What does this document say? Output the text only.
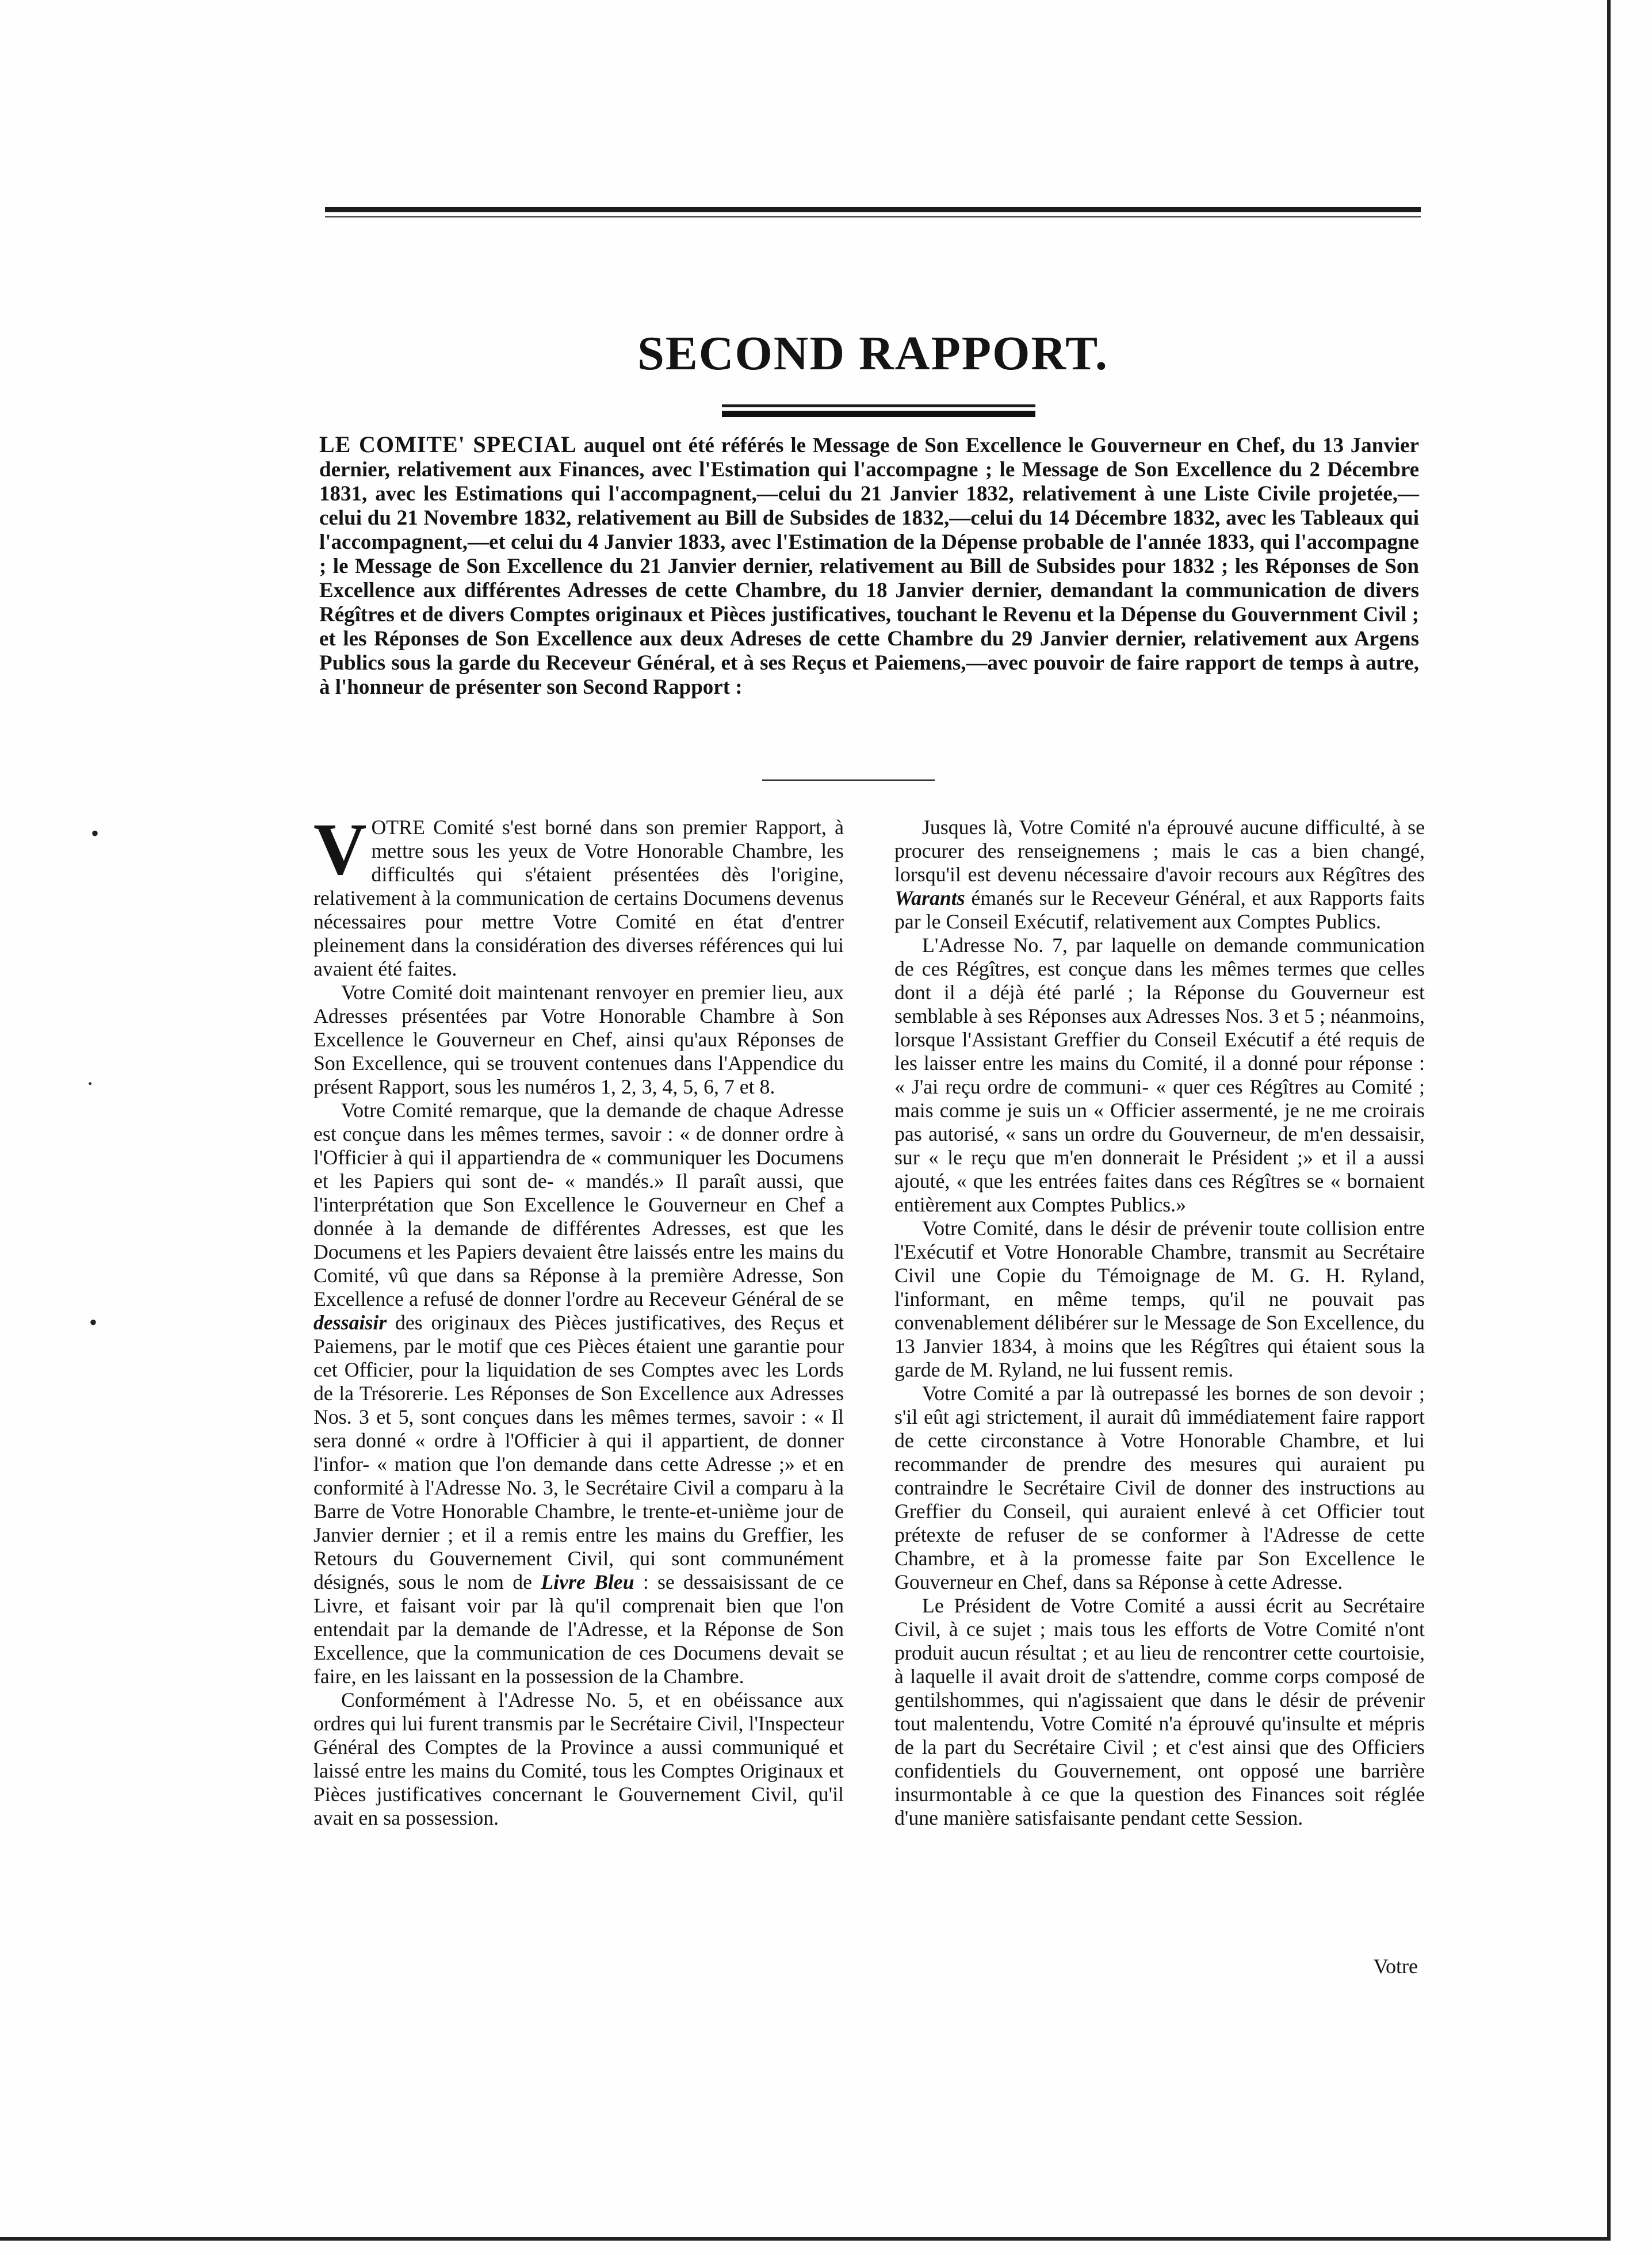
SECOND RAPPORT.

LE COMITE' SPECIAL auquel ont été référés le Message de Son Excellence le Gouverneur en Chef, du 13 Janvier dernier, relativement aux Finances, avec l'Estimation qui l'accompagne ; le Message de Son Excellence du 2 Décembre 1831, avec les Estimations qui l'accompagnent,—celui du 21 Janvier 1832, relativement à une Liste Civile projetée,—celui du 21 Novembre 1832, relativement au Bill de Subsides de 1832,—celui du 14 Décembre 1832, avec les Tableaux qui l'accompagnent,—et celui du 4 Janvier 1833, avec l'Estimation de la Dépense probable de l'année 1833, qui l'accompagne ; le Message de Son Excellence du 21 Janvier dernier, relativement au Bill de Subsides pour 1832 ; les Réponses de Son Excellence aux différentes Adresses de cette Chambre, du 18 Janvier dernier, demandant la communication de divers Régîtres et de divers Comptes originaux et Pièces justificatives, touchant le Revenu et la Dépense du Gouvernment Civil ; et les Réponses de Son Excellence aux deux Adreses de cette Chambre du 29 Janvier dernier, relativement aux Argens Publics sous la garde du Receveur Général, et à ses Reçus et Paiemens,—avec pouvoir de faire rapport de temps à autre, à l'honneur de présenter son Second Rapport :

VOTRE Comité s'est borné dans son premier Rapport, à mettre sous les yeux de Votre Honorable Chambre, les difficultés qui s'étaient présentées dès l'origine, relativement à la communication de certains Documens devenus nécessaires pour mettre Votre Comité en état d'entrer pleinement dans la considération des diverses références qui lui avaient été faites.

Votre Comité doit maintenant renvoyer en premier lieu, aux Adresses présentées par Votre Honorable Chambre à Son Excellence le Gouverneur en Chef, ainsi qu'aux Réponses de Son Excellence, qui se trouvent contenues dans l'Appendice du présent Rapport, sous les numéros 1, 2, 3, 4, 5, 6, 7 et 8.

Votre Comité remarque, que la demande de chaque Adresse est conçue dans les mêmes termes, savoir : « de donner ordre à l'Officier à qui il appartiendra de « communiquer les Documens et les Papiers qui sont de- « mandés.» Il paraît aussi, que l'interprétation que Son Excellence le Gouverneur en Chef a donnée à la demande de différentes Adresses, est que les Documens et les Papiers devaient être laissés entre les mains du Comité, vû que dans sa Réponse à la première Adresse, Son Excellence a refusé de donner l'ordre au Receveur Général de se dessaisir des originaux des Pièces justificatives, des Reçus et Paiemens, par le motif que ces Pièces étaient une garantie pour cet Officier, pour la liquidation de ses Comptes avec les Lords de la Trésorerie. Les Réponses de Son Excellence aux Adresses Nos. 3 et 5, sont conçues dans les mêmes termes, savoir : « Il sera donné « ordre à l'Officier à qui il appartient, de donner l'infor- « mation que l'on demande dans cette Adresse ;» et en conformité à l'Adresse No. 3, le Secrétaire Civil a comparu à la Barre de Votre Honorable Chambre, le trente-et-unième jour de Janvier dernier ; et il a remis entre les mains du Greffier, les Retours du Gouvernement Civil, qui sont communément désignés, sous le nom de Livre Bleu : se dessaisissant de ce Livre, et faisant voir par là qu'il comprenait bien que l'on entendait par la demande de l'Adresse, et la Réponse de Son Excellence, que la communication de ces Documens devait se faire, en les laissant en la possession de la Chambre.

Conformément à l'Adresse No. 5, et en obéissance aux ordres qui lui furent transmis par le Secrétaire Civil, l'Inspecteur Général des Comptes de la Province a aussi communiqué et laissé entre les mains du Comité, tous les Comptes Originaux et Pièces justificatives concernant le Gouvernement Civil, qu'il avait en sa possession.

Jusques là, Votre Comité n'a éprouvé aucune difficulté, à se procurer des renseignemens ; mais le cas a bien changé, lorsqu'il est devenu nécessaire d'avoir recours aux Régîtres des Warants émanés sur le Receveur Général, et aux Rapports faits par le Conseil Exécutif, relativement aux Comptes Publics.

L'Adresse No. 7, par laquelle on demande communication de ces Régîtres, est conçue dans les mêmes termes que celles dont il a déjà été parlé ; la Réponse du Gouverneur est semblable à ses Réponses aux Adresses Nos. 3 et 5 ; néanmoins, lorsque l'Assistant Greffier du Conseil Exécutif a été requis de les laisser entre les mains du Comité, il a donné pour réponse : « J'ai reçu ordre de communi- « quer ces Régîtres au Comité ; mais comme je suis un « Officier assermenté, je ne me croirais pas autorisé, « sans un ordre du Gouverneur, de m'en dessaisir, sur « le reçu que m'en donnerait le Président ;» et il a aussi ajouté, « que les entrées faites dans ces Régîtres se « bornaient entièrement aux Comptes Publics.»

Votre Comité, dans le désir de prévenir toute collision entre l'Exécutif et Votre Honorable Chambre, transmit au Secrétaire Civil une Copie du Témoignage de M. G. H. Ryland, l'informant, en même temps, qu'il ne pouvait pas convenablement délibérer sur le Message de Son Excellence, du 13 Janvier 1834, à moins que les Régîtres qui étaient sous la garde de M. Ryland, ne lui fussent remis.

Votre Comité a par là outrepassé les bornes de son devoir ; s'il eût agi strictement, il aurait dû immédiatement faire rapport de cette circonstance à Votre Honorable Chambre, et lui recommander de prendre des mesures qui auraient pu contraindre le Secrétaire Civil de donner des instructions au Greffier du Conseil, qui auraient enlevé à cet Officier tout prétexte de refuser de se conformer à l'Adresse de cette Chambre, et à la promesse faite par Son Excellence le Gouverneur en Chef, dans sa Réponse à cette Adresse.

Le Président de Votre Comité a aussi écrit au Secrétaire Civil, à ce sujet ; mais tous les efforts de Votre Comité n'ont produit aucun résultat ; et au lieu de rencontrer cette courtoisie, à laquelle il avait droit de s'attendre, comme corps composé de gentilshommes, qui n'agissaient que dans le désir de prévenir tout malentendu, Votre Comité n'a éprouvé qu'insulte et mépris de la part du Secrétaire Civil ; et c'est ainsi que des Officiers confidentiels du Gouvernement, ont opposé une barrière insurmontable à ce que la question des Finances soit réglée d'une manière satisfaisante pendant cette Session.

Votre
•
·
•
